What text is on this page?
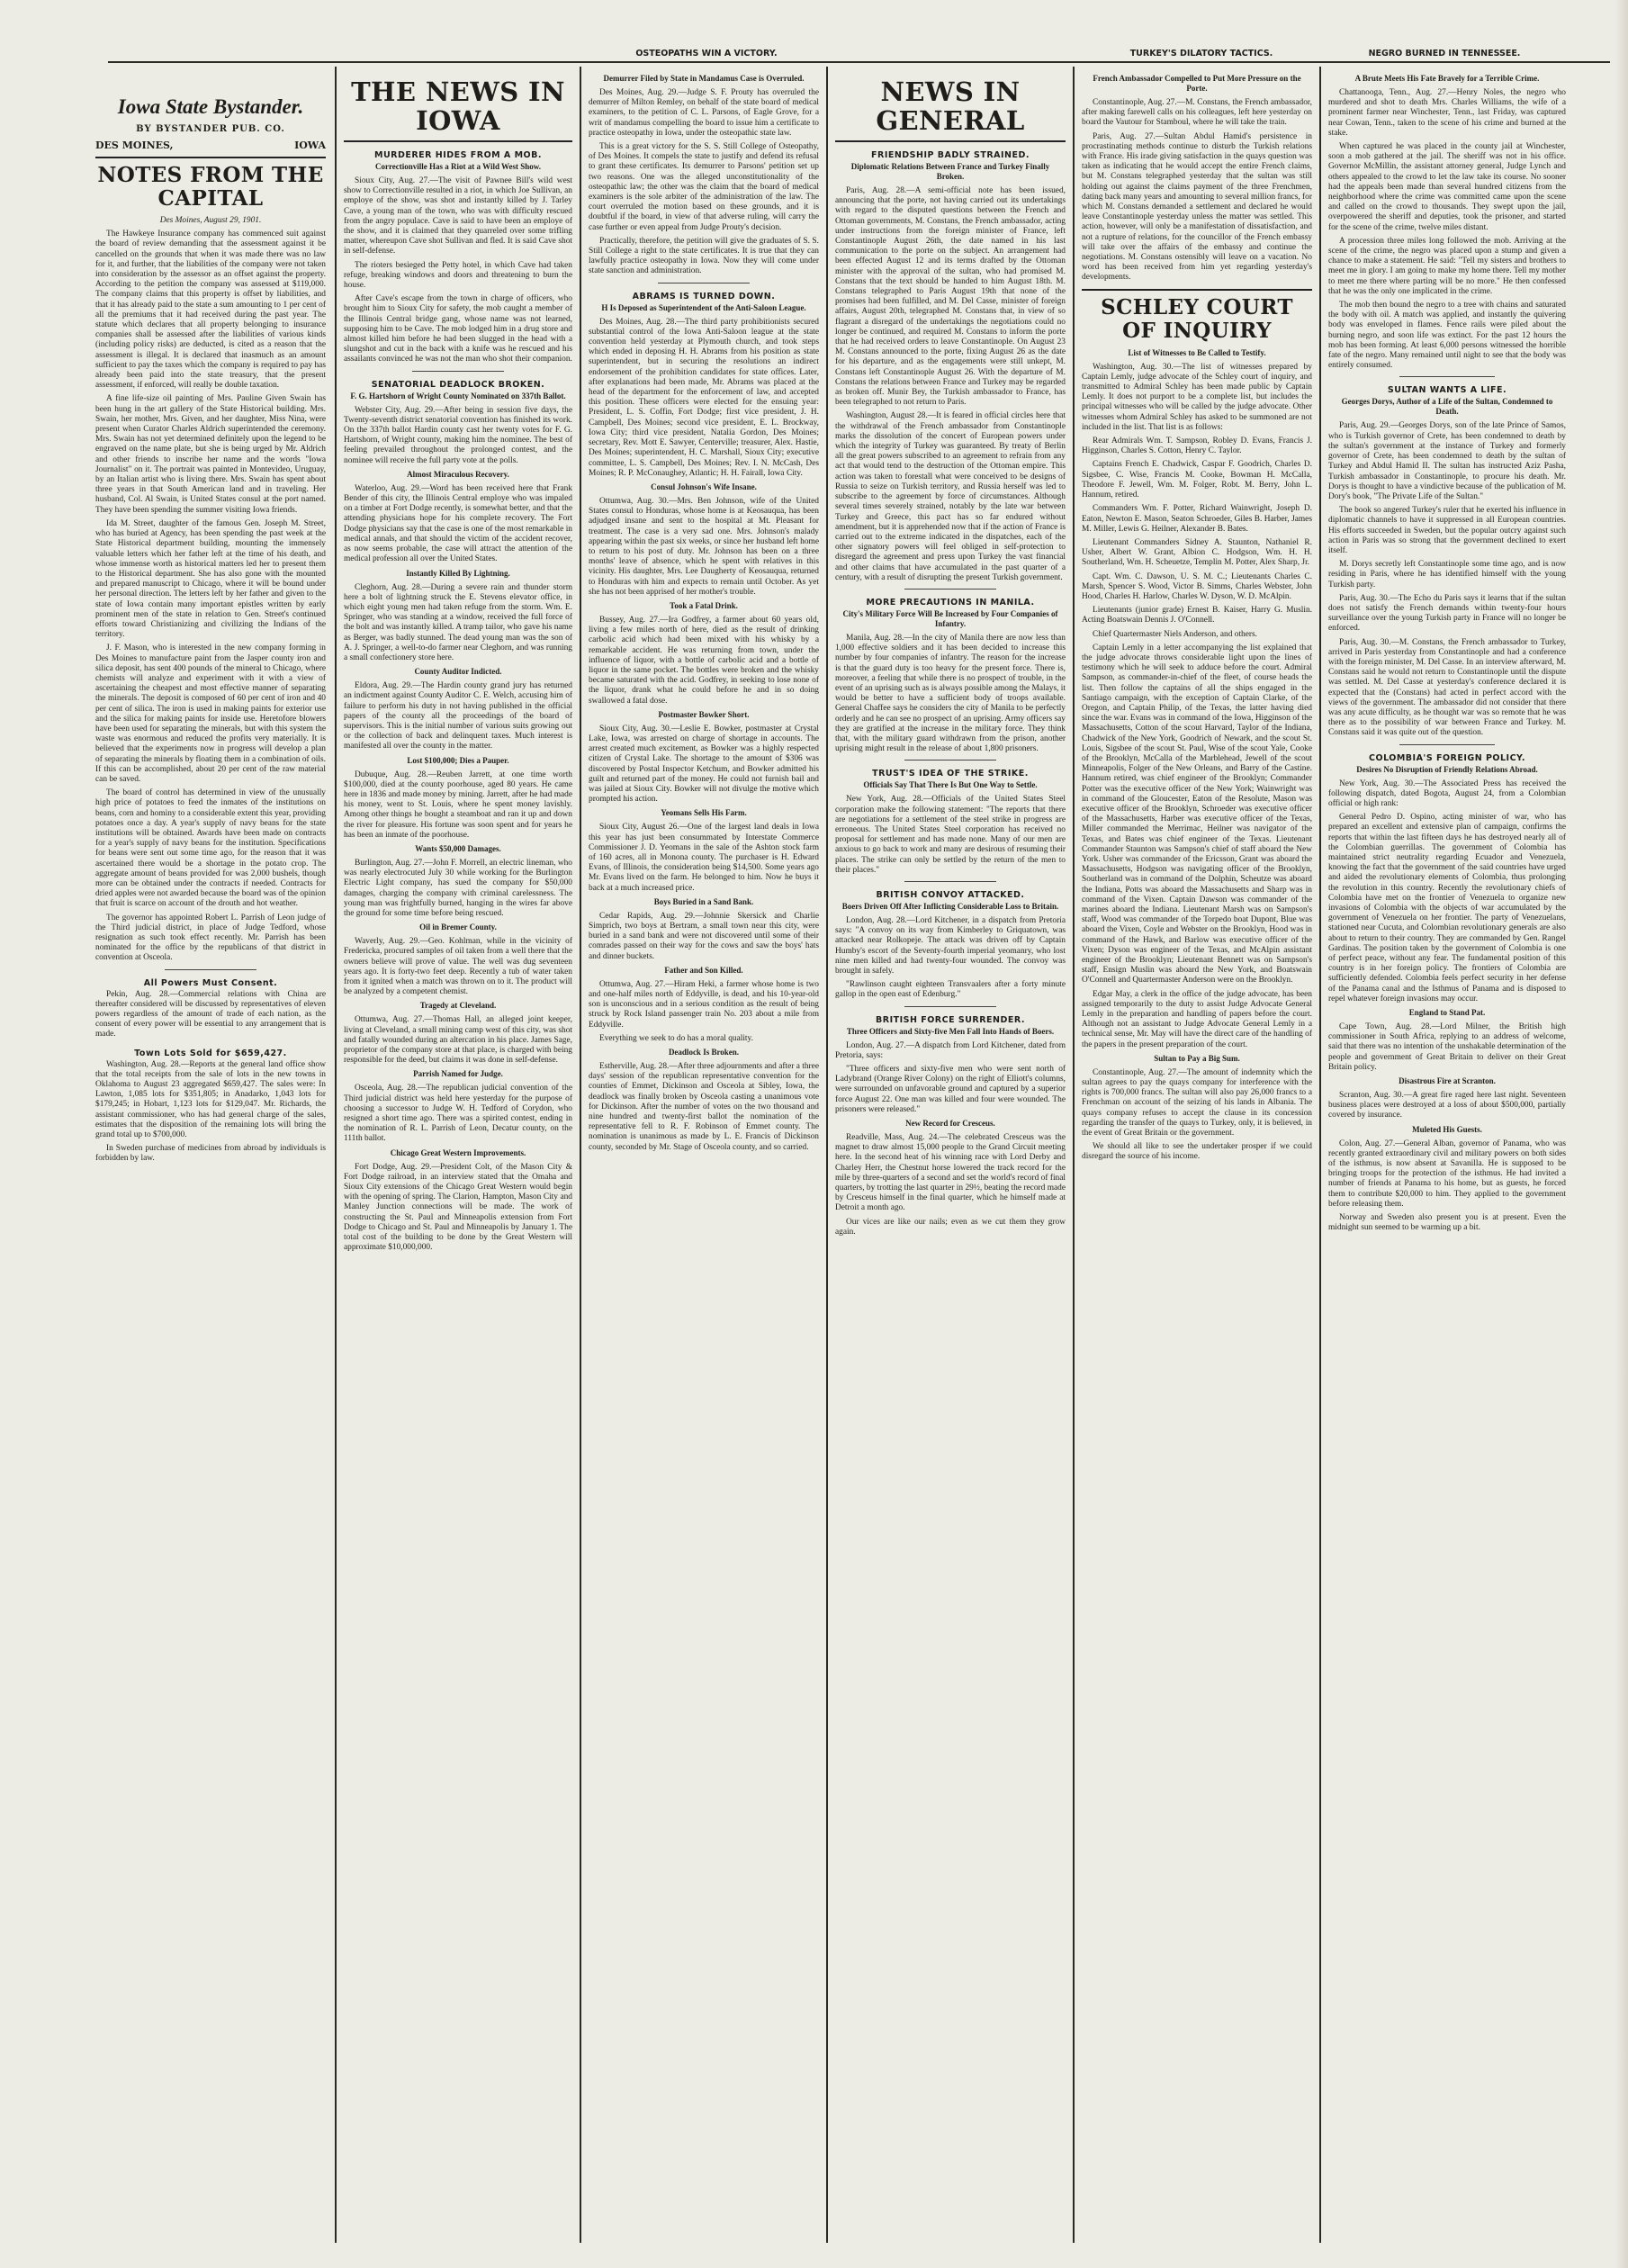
OSTEOPATHS WIN A VICTORY.	TURKEY'S DILATORY TACTICS.	NEGRO BURNED IN TENNESSEE.
Iowa State Bystander.
BY BYSTANDER PUB. CO.
DES MOINES,	IOWA
NOTES FROM THE CAPITAL

Des Moines, August 29, 1901.

The Hawkeye Insurance company has commenced suit against the board of review demanding that the assessment against it be cancelled on the grounds that when it was made there was no law for it, and further, that the liabilities of the company were not taken into consideration by the assessor as an offset against the property. According to the petition the company was assessed at $119,000. The company claims that this property is offset by liabilities, and that it has already paid to the state a sum amounting to 1 per cent of all the premiums that it had received during the past year. The statute which declares that all property belonging to insurance companies shall be assessed after the liabilities of various kinds (including policy risks) are deducted, is cited as a reason that the assessment is illegal. It is declared that inasmuch as an amount sufficient to pay the taxes which the company is required to pay has already been paid into the state treasury, that the present assessment, if enforced, will really be double taxation.

A fine life-size oil painting of Mrs. Pauline Given Swain has been hung in the art gallery of the State Historical building. Mrs. Swain, her mother, Mrs. Given, and her daughter, Miss Nina, were present when Curator Charles Aldrich superintended the ceremony. Mrs. Swain has not yet determined definitely upon the legend to be engraved on the name plate, but she is being urged by Mr. Aldrich and other friends to inscribe her name and the words "Iowa Journalist" on it. The portrait was painted in Montevideo, Uruguay, by an Italian artist who is living there. Mrs. Swain has spent about three years in that South American land and in traveling. Her husband, Col. Al Swain, is United States consul at the port named. They have been spending the summer visiting Iowa friends.

Ida M. Street, daughter of the famous Gen. Joseph M. Street, who has buried at Agency, has been spending the past week at the State Historical department building, mounting the immensely valuable letters which her father left at the time of his death, and whose immense worth as historical matters led her to present them to the Historical department. She has also gone with the mounted and prepared manuscript to Chicago, where it will be bound under her personal direction. The letters left by her father and given to the state of Iowa contain many important epistles written by early prominent men of the state in relation to Gen. Street's continued efforts toward Christianizing and civilizing the Indians of the territory.

J. F. Mason, who is interested in the new company forming in Des Moines to manufacture paint from the Jasper county iron and silica deposit, has sent 400 pounds of the mineral to Chicago, where chemists will analyze and experiment with it with a view of ascertaining the cheapest and most effective manner of separating the minerals. The deposit is composed of 60 per cent of iron and 40 per cent of silica. The iron is used in making paints for exterior use and the silica for making paints for inside use. Heretofore blowers have been used for separating the minerals, but with this system the waste was enormous and reduced the profits very materially. It is believed that the experiments now in progress will develop a plan of separating the minerals by floating them in a combination of oils. If this can be accomplished, about 20 per cent of the raw material can be saved.

The board of control has determined in view of the unusually high price of potatoes to feed the inmates of the institutions on beans, corn and hominy to a considerable extent this year, providing potatoes once a day. A year's supply of navy beans for the state institutions will be obtained. Awards have been made on contracts for a year's supply of navy beans for the institution. Specifications for beans were sent out some time ago, for the reason that it was ascertained there would be a shortage in the potato crop. The aggregate amount of beans provided for was 2,000 bushels, though more can be obtained under the contracts if needed. Contracts for dried apples were not awarded because the board was of the opinion that fruit is scarce on account of the drouth and hot weather.

The governor has appointed Robert L. Parrish of Leon judge of the Third judicial district, in place of Judge Tedford, whose resignation as such took effect recently. Mr. Parrish has been nominated for the office by the republicans of that district in convention at Osceola.

All Powers Must Consent.

Pekin, Aug. 28.—Commercial relations with China are thereafter considered will be discussed by representatives of eleven powers regardless of the amount of trade of each nation, as the consent of every power will be essential to any arrangement that is made.

Town Lots Sold for $659,427.

Washington, Aug. 28.—Reports at the general land office show that the total receipts from the sale of lots in the new towns in Oklahoma to August 23 aggregated $659,427. The sales were: In Lawton, 1,085 lots for $351,805; in Anadarko, 1,043 lots for $179,245; in Hobart, 1,123 lots for $129,047. Mr. Richards, the assistant commissioner, who has had general charge of the sales, estimates that the disposition of the remaining lots will bring the grand total up to $700,000.

In Sweden purchase of medicines from abroad by individuals is forbidden by law.

THE NEWS IN IOWA
MURDERER HIDES FROM A MOB.
Correctionville Has a Riot at a Wild West Show.

Sioux City, Aug. 27.—The visit of Pawnee Bill's wild west show to Correctionville resulted in a riot, in which Joe Sullivan, an employe of the show, was shot and instantly killed by J. Tarley Cave, a young man of the town, who was with difficulty rescued from the angry populace. Cave is said to have been an employe of the show, and it is claimed that they quarreled over some trifling matter, whereupon Cave shot Sullivan and fled. It is said Cave shot in self-defense.

The rioters besieged the Petty hotel, in which Cave had taken refuge, breaking windows and doors and threatening to burn the house.

After Cave's escape from the town in charge of officers, who brought him to Sioux City for safety, the mob caught a member of the Illinois Central bridge gang, whose name was not learned, supposing him to be Cave. The mob lodged him in a drug store and almost killed him before he had been slugged in the head with a slungshot and cut in the back with a knife was he rescued and his assailants convinced he was not the man who shot their companion.

SENATORIAL DEADLOCK BROKEN.
F. G. Hartshorn of Wright County Nominated on 337th Ballot.

Webster City, Aug. 29.—After being in session five days, the Twenty-seventh district senatorial convention has finished its work. On the 337th ballot Hardin county cast her twenty votes for F. G. Hartshorn, of Wright county, making him the nominee. The best of feeling prevailed throughout the prolonged contest, and the nominee will receive the full party vote at the polls.

Almost Miraculous Recovery.

Waterloo, Aug. 29.—Word has been received here that Frank Bender of this city, the Illinois Central employe who was impaled on a timber at Fort Dodge recently, is somewhat better, and that the attending physicians hope for his complete recovery. The Fort Dodge physicians say that the case is one of the most remarkable in medical annals, and that should the victim of the accident recover, as now seems probable, the case will attract the attention of the medical profession all over the United States.

Instantly Killed By Lightning.

Cleghorn, Aug. 28.—During a severe rain and thunder storm here a bolt of lightning struck the E. Stevens elevator office, in which eight young men had taken refuge from the storm. Wm. E. Springer, who was standing at a window, received the full force of the bolt and was instantly killed. A tramp tailor, who gave his name as Berger, was badly stunned. The dead young man was the son of A. J. Springer, a well-to-do farmer near Cleghorn, and was running a small confectionery store here.

County Auditor Indicted.

Eldora, Aug. 29.—The Hardin county grand jury has returned an indictment against County Auditor C. E. Welch, accusing him of failure to perform his duty in not having published in the official papers of the county all the proceedings of the board of supervisors. This is the initial number of various suits growing out or the collection of back and delinquent taxes. Much interest is manifested all over the county in the matter.

Lost $100,000; Dies a Pauper.

Dubuque, Aug. 28.—Reuben Jarrett, at one time worth $100,000, died at the county poorhouse, aged 80 years. He came here in 1836 and made money by mining. Jarrett, after he had made his money, went to St. Louis, where he spent money lavishly. Among other things he bought a steamboat and ran it up and down the river for pleasure. His fortune was soon spent and for years he has been an inmate of the poorhouse.

Wants $50,000 Damages.

Burlington, Aug. 27.—John F. Morrell, an electric lineman, who was nearly electrocuted July 30 while working for the Burlington Electric Light company, has sued the company for $50,000 damages, charging the company with criminal carelessness. The young man was frightfully burned, hanging in the wires far above the ground for some time before being rescued.

Oil in Bremer County.

Waverly, Aug. 29.—Geo. Kohlman, while in the vicinity of Fredericka, procured samples of oil taken from a well there that the owners believe will prove of value. The well was dug seventeen years ago. It is forty-two feet deep. Recently a tub of water taken from it ignited when a match was thrown on to it. The product will be analyzed by a competent chemist.

Tragedy at Cleveland.

Ottumwa, Aug. 27.—Thomas Hall, an alleged joint keeper, living at Cleveland, a small mining camp west of this city, was shot and fatally wounded during an altercation in his place. James Sage, proprietor of the company store at that place, is charged with being responsible for the deed, but claims it was done in self-defense.

Parrish Named for Judge.

Osceola, Aug. 28.—The republican judicial convention of the Third judicial district was held here yesterday for the purpose of choosing a successor to Judge W. H. Tedford of Corydon, who resigned a short time ago. There was a spirited contest, ending in the nomination of R. L. Parrish of Leon, Decatur county, on the 111th ballot.

Chicago Great Western Improvements.

Fort Dodge, Aug. 29.—President Colt, of the Mason City & Fort Dodge railroad, in an interview stated that the Omaha and Sioux City extensions of the Chicago Great Western would begin with the opening of spring. The Clarion, Hampton, Mason City and Manley Junction connections will be made. The work of constructing the St. Paul and Minneapolis extension from Fort Dodge to Chicago and St. Paul and Minneapolis by January 1. The total cost of the building to be done by the Great Western will approximate $10,000,000.

Demurrer Filed by State in Mandamus Case is Overruled.

Des Moines, Aug. 29.—Judge S. F. Prouty has overruled the demurrer of Milton Remley, on behalf of the state board of medical examiners, to the petition of C. L. Parsons, of Eagle Grove, for a writ of mandamus compelling the board to issue him a certificate to practice osteopathy in Iowa, under the osteopathic state law.

This is a great victory for the S. S. Still College of Osteopathy, of Des Moines. It compels the state to justify and defend its refusal to grant these certificates. Its demurrer to Parsons' petition set up two reasons. One was the alleged unconstitutionality of the osteopathic law; the other was the claim that the board of medical examiners is the sole arbiter of the administration of the law. The court overruled the motion based on these grounds, and it is doubtful if the board, in view of that adverse ruling, will carry the case further or even appeal from Judge Prouty's decision.

Practically, therefore, the petition will give the graduates of S. S. Still College a right to the state certificates. It is true that they can lawfully practice osteopathy in Iowa. Now they will come under state sanction and administration.

ABRAMS IS TURNED DOWN.
H Is Deposed as Superintendent of the Anti-Saloon League.

Des Moines, Aug. 28.—The third party prohibitionists secured substantial control of the Iowa Anti-Saloon league at the state convention held yesterday at Plymouth church, and took steps which ended in deposing H. H. Abrams from his position as state superintendent, but in securing the resolutions an indirect endorsement of the prohibition candidates for state offices. Later, after explanations had been made, Mr. Abrams was placed at the head of the department for the enforcement of law, and accepted this position. These officers were elected for the ensuing year: President, L. S. Coffin, Fort Dodge; first vice president, J. H. Campbell, Des Moines; second vice president, E. L. Brockway, Iowa City; third vice president, Natalia Gordon, Des Moines; secretary, Rev. Mott E. Sawyer, Centerville; treasurer, Alex. Hastie, Des Moines; superintendent, H. C. Marshall, Sioux City; executive committee, L. S. Campbell, Des Moines; Rev. I. N. McCash, Des Moines; R. P. McConaughey, Atlantic; H. H. Fairall, Iowa City.

Consul Johnson's Wife Insane.

Ottumwa, Aug. 30.—Mrs. Ben Johnson, wife of the United States consul to Honduras, whose home is at Keosauqua, has been adjudged insane and sent to the hospital at Mt. Pleasant for treatment. The case is a very sad one. Mrs. Johnson's malady appearing within the past six weeks, or since her husband left home to return to his post of duty. Mr. Johnson has been on a three months' leave of absence, which he spent with relatives in this vicinity. His daughter, Mrs. Lee Daugherty of Keosauqua, returned to Honduras with him and expects to remain until October. As yet she has not been apprised of her mother's trouble.

Took a Fatal Drink.

Bussey, Aug. 27.—Ira Godfrey, a farmer about 60 years old, living a few miles north of here, died as the result of drinking carbolic acid which had been mixed with his whisky by a remarkable accident. He was returning from town, under the influence of liquor, with a bottle of carbolic acid and a bottle of liquor in the same pocket. The bottles were broken and the whisky became saturated with the acid. Godfrey, in seeking to lose none of the liquor, drank what he could before he and in so doing swallowed a fatal dose.

Postmaster Bowker Short.

Sioux City, Aug. 30.—Leslie E. Bowker, postmaster at Crystal Lake, Iowa, was arrested on charge of shortage in accounts. The arrest created much excitement, as Bowker was a highly respected citizen of Crystal Lake. The shortage to the amount of $306 was discovered by Postal Inspector Ketchum, and Bowker admitted his guilt and returned part of the money. He could not furnish bail and was jailed at Sioux City. Bowker will not divulge the motive which prompted his action.

Yeomans Sells His Farm.

Sioux City, August 26.—One of the largest land deals in Iowa this year has just been consummated by Interstate Commerce Commissioner J. D. Yeomans in the sale of the Ashton stock farm of 160 acres, all in Monona county. The purchaser is H. Edward Evans, of Illinois, the consideration being $14,500. Some years ago Mr. Evans lived on the farm. He belonged to him. Now he buys it back at a much increased price.

Boys Buried in a Sand Bank.

Cedar Rapids, Aug. 29.—Johnnie Skersick and Charlie Simprich, two boys at Bertram, a small town near this city, were buried in a sand bank and were not discovered until some of their comrades passed on their way for the cows and saw the boys' hats and dinner buckets.

Father and Son Killed.

Ottumwa, Aug. 27.—Hiram Heki, a farmer whose home is two and one-half miles north of Eddyville, is dead, and his 10-year-old son is unconscious and in a serious condition as the result of being struck by Rock Island passenger train No. 203 about a mile from Eddyville.

Everything we seek to do has a moral quality.

Deadlock Is Broken.

Estherville, Aug. 28.—After three adjournments and after a three days' session of the republican representative convention for the counties of Emmet, Dickinson and Osceola at Sibley, Iowa, the deadlock was finally broken by Osceola casting a unanimous vote for Dickinson. After the number of votes on the two thousand and nine hundred and twenty-first ballot the nomination of the representative fell to R. F. Robinson of Emmet county. The nomination is unanimous as made by L. E. Francis of Dickinson county, seconded by Mr. Stage of Osceola county, and so carried.

NEWS IN GENERAL
FRIENDSHIP BADLY STRAINED.
Diplomatic Relations Between France and Turkey Finally Broken.

Paris, Aug. 28.—A semi-official note has been issued, announcing that the porte, not having carried out its undertakings with regard to the disputed questions between the French and Ottoman governments, M. Constans, the French ambassador, acting under instructions from the foreign minister of France, left Constantinople August 26th, the date named in his last communication to the porte on the subject. An arrangement had been effected August 12 and its terms drafted by the Ottoman minister with the approval of the sultan, who had promised M. Constans that the text should be handed to him August 18th. M. Constans telegraphed to Paris August 19th that none of the promises had been fulfilled, and M. Del Casse, minister of foreign affairs, August 20th, telegraphed M. Constans that, in view of so flagrant a disregard of the undertakings the negotiations could no longer be continued, and required M. Constans to inform the porte that he had received orders to leave Constantinople. On August 23 M. Constans announced to the porte, fixing August 26 as the date for his departure, and as the engagements were still unkept, M. Constans left Constantinople August 26. With the departure of M. Constans the relations between France and Turkey may be regarded as broken off. Munir Bey, the Turkish ambassador to France, has been telegraphed to not return to Paris.

Washington, August 28.—It is feared in official circles here that the withdrawal of the French ambassador from Constantinople marks the dissolution of the concert of European powers under which the integrity of Turkey was guaranteed. By treaty of Berlin all the great powers subscribed to an agreement to refrain from any act that would tend to the destruction of the Ottoman empire. This action was taken to forestall what were conceived to be designs of Russia to seize on Turkish territory, and Russia herself was led to subscribe to the agreement by force of circumstances. Although several times severely strained, notably by the late war between Turkey and Greece, this pact has so far endured without amendment, but it is apprehended now that if the action of France is carried out to the extreme indicated in the dispatches, each of the other signatory powers will feel obliged in self-protection to disregard the agreement and press upon Turkey the vast financial and other claims that have accumulated in the past quarter of a century, with a result of disrupting the present Turkish government.

MORE PRECAUTIONS IN MANILA.
City's Military Force Will Be Increased by Four Companies of Infantry.

Manila, Aug. 28.—In the city of Manila there are now less than 1,000 effective soldiers and it has been decided to increase this number by four companies of infantry. The reason for the increase is that the guard duty is too heavy for the present force. There is, moreover, a feeling that while there is no prospect of trouble, in the event of an uprising such as is always possible among the Malays, it would be better to have a sufficient body of troops available. General Chaffee says he considers the city of Manila to be perfectly orderly and he can see no prospect of an uprising. Army officers say they are gratified at the increase in the military force. They think that, with the military guard withdrawn from the prison, another uprising might result in the release of about 1,800 prisoners.

TRUST'S IDEA OF THE STRIKE.
Officials Say That There Is But One Way to Settle.

New York, Aug. 28.—Officials of the United States Steel corporation make the following statement: "The reports that there are negotiations for a settlement of the steel strike in progress are erroneous. The United States Steel corporation has received no proposal for settlement and has made none. Many of our men are anxious to go back to work and many are desirous of resuming their places. The strike can only be settled by the return of the men to their places."

BRITISH CONVOY ATTACKED.
Boers Driven Off After Inflicting Considerable Loss to Britain.

London, Aug. 28.—Lord Kitchener, in a dispatch from Pretoria says: "A convoy on its way from Kimberley to Griquatown, was attacked near Rolkopeje. The attack was driven off by Captain Humby's escort of the Seventy-fourth imperial yeomanry, who lost nine men killed and had twenty-four wounded. The convoy was brought in safely.

"Rawlinson caught eighteen Transvaalers after a forty minute gallop in the open east of Edenburg."

BRITISH FORCE SURRENDER.
Three Officers and Sixty-five Men Fall Into Hands of Boers.

London, Aug. 27.—A dispatch from Lord Kitchener, dated from Pretoria, says:

"Three officers and sixty-five men who were sent north of Ladybrand (Orange River Colony) on the right of Elliott's columns, were surrounded on unfavorable ground and captured by a superior force August 22. One man was killed and four were wounded. The prisoners were released."

New Record for Cresceus.

Readville, Mass, Aug. 24.—The celebrated Cresceus was the magnet to draw almost 15,000 people to the Grand Circuit meeting here. In the second heat of his winning race with Lord Derby and Charley Herr, the Chestnut horse lowered the track record for the mile by three-quarters of a second and set the world's record of final quarters, by trotting the last quarter in 29½, beating the record made by Cresceus himself in the final quarter, which he himself made at Detroit a month ago.

Our vices are like our nails; even as we cut them they grow again.

French Ambassador Compelled to Put More Pressure on the Porte.

Constantinople, Aug. 27.—M. Constans, the French ambassador, after making farewell calls on his colleagues, left here yesterday on board the Vautour for Stamboul, where he will take the train.

Paris, Aug. 27.—Sultan Abdul Hamid's persistence in procrastinating methods continue to disturb the Turkish relations with France. His irade giving satisfaction in the quays question was taken as indicating that he would accept the entire French claims, but M. Constans telegraphed yesterday that the sultan was still holding out against the claims payment of the three Frenchmen, dating back many years and amounting to several million francs, for which M. Constans demanded a settlement and declared he would leave Constantinople yesterday unless the matter was settled. This action, however, will only be a manifestation of dissatisfaction, and not a rupture of relations, for the councillor of the French embassy will take over the affairs of the embassy and continue the negotiations. M. Constans ostensibly will leave on a vacation. No word has been received from him yet regarding yesterday's developments.

SCHLEY COURT OF INQUIRY
List of Witnesses to Be Called to Testify.

Washington, Aug. 30.—The list of witnesses prepared by Captain Lemly, judge advocate of the Schley court of inquiry, and transmitted to Admiral Schley has been made public by Captain Lemly. It does not purport to be a complete list, but includes the principal witnesses who will be called by the judge advocate. Other witnesses whom Admiral Schley has asked to be summoned are not included in the list. That list is as follows:

Rear Admirals Wm. T. Sampson, Robley D. Evans, Francis J. Higginson, Charles S. Cotton, Henry C. Taylor.

Captains French E. Chadwick, Caspar F. Goodrich, Charles D. Sigsbee, C. Wise, Francis M. Cooke, Bowman H. McCalla, Theodore F. Jewell, Wm. M. Folger, Robt. M. Berry, John L. Hannum, retired.

Commanders Wm. F. Potter, Richard Wainwright, Joseph D. Eaton, Newton E. Mason, Seaton Schroeder, Giles B. Harber, James M. Miller, Lewis G. Heilner, Alexander B. Bates.

Lieutenant Commanders Sidney A. Staunton, Nathaniel R. Usher, Albert W. Grant, Albion C. Hodgson, Wm. H. H. Southerland, Wm. H. Scheuetze, Templin M. Potter, Alex Sharp, Jr.

Capt. Wm. C. Dawson, U. S. M. C.; Lieutenants Charles C. Marsh, Spencer S. Wood, Victor B. Simms, Charles Webster, John Hood, Charles H. Harlow, Charles W. Dyson, W. D. McAlpin.

Lieutenants (junior grade) Ernest B. Kaiser, Harry G. Muslin. Acting Boatswain Dennis J. O'Connell.

Chief Quartermaster Niels Anderson, and others.

Captain Lemly in a letter accompanying the list explained that the judge advocate throws considerable light upon the lines of testimony which he will seek to adduce before the court. Admiral Sampson, as commander-in-chief of the fleet, of course heads the list. Then follow the captains of all the ships engaged in the Santiago campaign, with the exception of Captain Clarke, of the Oregon, and Captain Philip, of the Texas, the latter having died since the war. Evans was in command of the Iowa, Higginson of the Massachusetts, Cotton of the scout Harvard, Taylor of the Indiana, Chadwick of the New York, Goodrich of Newark, and the scout St. Louis, Sigsbee of the scout St. Paul, Wise of the scout Yale, Cooke of the Brooklyn, McCalla of the Marblehead, Jewell of the scout Minneapolis, Folger of the New Orleans, and Barry of the Castine. Hannum retired, was chief engineer of the Brooklyn; Commander Potter was the executive officer of the New York; Wainwright was in command of the Gloucester, Eaton of the Resolute, Mason was executive officer of the Brooklyn, Schroeder was executive officer of the Massachusetts, Harber was executive officer of the Texas, Miller commanded the Merrimac, Heilner was navigator of the Texas, and Bates was chief engineer of the Texas. Lieutenant Commander Staunton was Sampson's chief of staff aboard the New York. Usher was commander of the Ericsson, Grant was aboard the Massachusetts, Hodgson was navigating officer of the Brooklyn, Southerland was in command of the Dolphin, Scheutze was aboard the Indiana, Potts was aboard the Massachusetts and Sharp was in command of the Vixen. Captain Dawson was commander of the marines aboard the Indiana. Lieutenant Marsh was on Sampson's staff, Wood was commander of the Torpedo boat Dupont, Blue was aboard the Vixen, Coyle and Webster on the Brooklyn, Hood was in command of the Hawk, and Barlow was executive officer of the Vixen; Dyson was engineer of the Texas, and McAlpin assistant engineer of the Brooklyn; Lieutenant Bennett was on Sampson's staff, Ensign Muslin was aboard the New York, and Boatswain O'Connell and Quartermaster Anderson were on the Brooklyn.

Edgar May, a clerk in the office of the judge advocate, has been assigned temporarily to the duty to assist Judge Advocate General Lemly in the preparation and handling of papers before the court. Although not an assistant to Judge Advocate General Lemly in a technical sense, Mr. May will have the direct care of the handling of the papers in the present preparation of the court.

Sultan to Pay a Big Sum.

Constantinople, Aug. 27.—The amount of indemnity which the sultan agrees to pay the quays company for interference with the rights is 700,000 francs. The sultan will also pay 26,000 francs to a Frenchman on account of the seizing of his lands in Albania. The quays company refuses to accept the clause in its concession regarding the transfer of the quays to Turkey, only, it is believed, in the event of Great Britain or the government.

We should all like to see the undertaker prosper if we could disregard the source of his income.

A Brute Meets His Fate Bravely for a Terrible Crime.

Chattanooga, Tenn., Aug. 27.—Henry Noles, the negro who murdered and shot to death Mrs. Charles Williams, the wife of a prominent farmer near Winchester, Tenn., last Friday, was captured near Cowan, Tenn., taken to the scene of his crime and burned at the stake.

When captured he was placed in the county jail at Winchester, soon a mob gathered at the jail. The sheriff was not in his office. Governor McMillin, the assistant attorney general, Judge Lynch and others appealed to the crowd to let the law take its course. No sooner had the appeals been made than several hundred citizens from the neighborhood where the crime was committed came upon the scene and called on the crowd to thousands. They swept upon the jail, overpowered the sheriff and deputies, took the prisoner, and started for the scene of the crime, twelve miles distant.

A procession three miles long followed the mob. Arriving at the scene of the crime, the negro was placed upon a stump and given a chance to make a statement. He said: "Tell my sisters and brothers to meet me in glory. I am going to make my home there. Tell my mother to meet me there where parting will be no more." He then confessed that he was the only one implicated in the crime.

The mob then bound the negro to a tree with chains and saturated the body with oil. A match was applied, and instantly the quivering body was enveloped in flames. Fence rails were piled about the burning negro, and soon life was extinct. For the past 12 hours the mob has been forming. At least 6,000 persons witnessed the horrible fate of the negro. Many remained until night to see that the body was entirely consumed.

SULTAN WANTS A LIFE.
Georges Dorys, Author of a Life of the Sultan, Condemned to Death.

Paris, Aug. 29.—Georges Dorys, son of the late Prince of Samos, who is Turkish governor of Crete, has been condemned to death by the sultan's government at the instance of Turkey and formerly governor of Crete, has been condemned to death by the sultan of Turkey and Abdul Hamid II. The sultan has instructed Aziz Pasha, Turkish ambassador in Constantinople, to procure his death. Mr. Dorys is thought to have a vindictive because of the publication of M. Dory's book, "The Private Life of the Sultan."

The book so angered Turkey's ruler that he exerted his influence in diplomatic channels to have it suppressed in all European countries. His efforts succeeded in Sweden, but the popular outcry against such action in Paris was so strong that the government declined to exert itself.

M. Dorys secretly left Constantinople some time ago, and is now residing in Paris, where he has identified himself with the young Turkish party.

Paris, Aug. 30.—The Echo du Paris says it learns that if the sultan does not satisfy the French demands within twenty-four hours surveillance over the young Turkish party in France will no longer be enforced.

Paris, Aug. 30.—M. Constans, the French ambassador to Turkey, arrived in Paris yesterday from Constantinople and had a conference with the foreign minister, M. Del Casse. In an interview afterward, M. Constans said he would not return to Constantinople until the dispute was settled. M. Del Casse at yesterday's conference declared it is expected that the (Constans) had acted in perfect accord with the views of the government. The ambassador did not consider that there was any acute difficulty, as he thought war was so remote that he was there as to the possibility of war between France and Turkey. M. Constans said it was quite out of the question.

COLOMBIA'S FOREIGN POLICY.
Desires No Disruption of Friendly Relations Abroad.

New York, Aug. 30.—The Associated Press has received the following dispatch, dated Bogota, August 24, from a Colombian official or high rank:

General Pedro D. Ospino, acting minister of war, who has prepared an excellent and extensive plan of campaign, confirms the reports that within the last fifteen days he has destroyed nearly all of the Colombian guerrillas. The government of Colombia has maintained strict neutrality regarding Ecuador and Venezuela, knowing the fact that the government of the said countries have urged and aided the revolutionary elements of Colombia, thus prolonging the revolution in this country. Recently the revolutionary chiefs of Colombia have met on the frontier of Venezuela to organize new invasions of Colombia with the objects of war accumulated by the government of Venezuela on her frontier. The party of Venezuelans, stationed near Cucuta, and Colombian revolutionary generals are also about to return to their country. They are commanded by Gen. Rangel Gardinas. The position taken by the government of Colombia is one of perfect peace, without any fear. The fundamental position of this country is in her foreign policy. The frontiers of Colombia are sufficiently defended. Colombia feels perfect security in her defense of the Panama canal and the Isthmus of Panama and is disposed to repel whatever foreign invasions may occur.

England to Stand Pat.

Cape Town, Aug. 28.—Lord Milner, the British high commissioner in South Africa, replying to an address of welcome, said that there was no intention of the unshakable determination of the people and government of Great Britain to deliver on their Great Britain policy.

Disastrous Fire at Scranton.

Scranton, Aug. 30.—A great fire raged here last night. Seventeen business places were destroyed at a loss of about $500,000, partially covered by insurance.

Muleted His Guests.

Colon, Aug. 27.—General Alban, governor of Panama, who was recently granted extraordinary civil and military powers on both sides of the isthmus, is now absent at Savanilla. He is supposed to be bringing troops for the protection of the isthmus. He had invited a number of friends at Panama to his home, but as guests, he forced them to contribute $20,000 to him. They applied to the government before releasing them.

Norway and Sweden also present you is at present. Even the midnight sun seemed to be warming up a bit.
